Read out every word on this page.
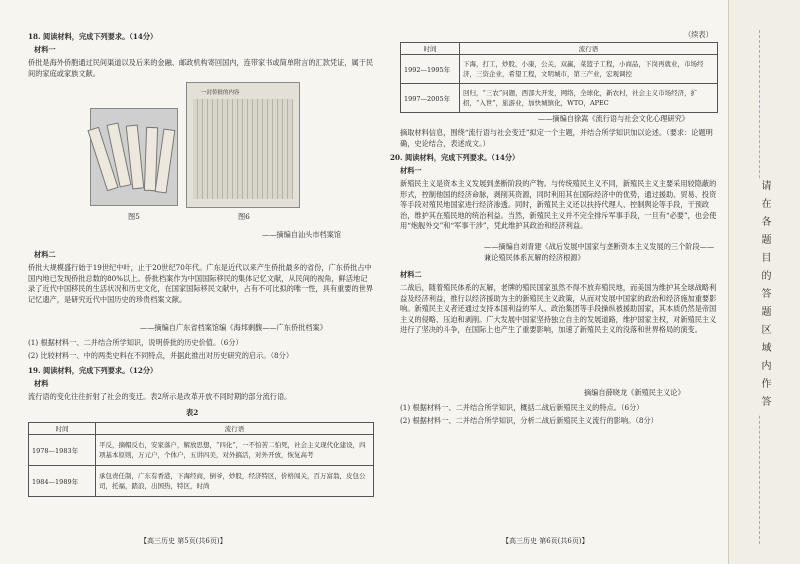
18. 阅读材料，完成下列要求。（14分）
材料一
侨批是海外侨胞通过民间渠道以及后来的金融、邮政机构寄回国内，连带家书或简单附言的汇款凭证，属于民间的家庭或家族文献。
图5
一封侨批的内容
图6
——摘编自汕头市档案馆
材料二
侨批大规模盛行始于19世纪中叶，止于20世纪70年代。广东是近代以来产生侨批最多的省份，广东侨批占中国内地已发现侨批总数的80%以上。侨批档案作为中国国际移民的集体记忆文献，从民间的视角，鲜活地记录了近代中国移民的生活状况和历史文化，在国家国际移民文献中，占有不可比拟的唯一性，具有重要的世界记忆遗产，是研究近代中国历史的珍贵档案文献。
——摘编自广东省档案馆编《海邦剩馥——广东侨批档案》
(1) 根据材料一、二并结合所学知识，说明侨批的历史价值。（6分）
(2) 比较材料一、中的两类史料在不同特点，并据此推出对历史研究的启示。（8分）
19. 阅读材料，完成下列要求。（12分）
材料
流行语的变化往往折射了社会的变迁。表2所示是改革开放不同时期的部分流行语。
表2
时间	流行语
1978—1983年	平反，摘帽反右，安家落户，解放思想，“四化”，一不怕苦二怕死，社会主义现代化建设，四项基本原则，万元户，个体户，五讲四美，对外搞活，对外开放，恢复高考
1984—1989年	承包责任制，广东有香港，下海经商，倒爷，炒股，经济特区，价格闯关，百万富翁，皮包公司，托福，踏浪，出国热，特区，时尚
【高三历史 第5页(共6页)】
（续表）
时间	流行语
1992—1995年	下海，打工，炒股，小康，公关，双赢，菜篮子工程，小商品，下岗再就业，市场经济，三资企业，希望工程，文明城市，第三产业，宏观调控
1997—2005年	回归，“三农”问题，西部大开发，网络，全球化，新农村，社会主义市场经济，扩招，“入世”，旅游业，加快城镇化，WTO，APEC
——摘编自徐嵩《流行语与社会文化心理研究》
摘取材料信息，围绕“流行语与社会变迁”拟定一个主题，并结合所学知识加以论述。（要求：论题明确，史论结合，表述成文。）
20. 阅读材料，完成下列要求。（14分）
材料一
新殖民主义是资本主义发展到垄断阶段的产物。与传统殖民主义不同，新殖民主义主要采用较隐蔽的形式，控制他国的经济命脉，剥削其资源，同时利用其在国际经济中的优势，通过援助、贸易、投资等手段对殖民地国家进行经济渗透。同时，新殖民主义还以扶持代理人、控制舆论等手段，干预政治，维护其在殖民地的统治利益。当然，新殖民主义并不完全排斥军事手段，一旦有“必要”，也会使用“炮舰外交”和“军事干涉”，凭此维护其政治和经济利益。
——摘编自刘青建《战后发展中国家与垄断资本主义发展的三个阶段——兼论殖民体系瓦解的经济根源》
材料二
二战后，随着殖民体系的瓦解，老牌的殖民国家虽然不得不放弃殖民地，而美国为维护其全球战略利益及经济利益，推行以经济援助为主的新殖民主义政策，从而对发展中国家的政治和经济施加重要影响。新殖民主义者还通过支持本国利益的军人、政治集团等手段操纵被援助国家，其本质仍然是帝国主义的侵略、压迫和剥削。广大发展中国家坚持独立自主的发展道路，维护国家主权，对新殖民主义进行了坚决的斗争，在国际上也产生了重要影响，加速了新殖民主义的没落和世界格局的演变。
摘编自薛晓龙《新殖民主义论》
(1) 根据材料一、二并结合所学知识，概括二战后新殖民主义的特点。（6分）
(2) 根据材料一、二并结合所学知识，分析二战后新殖民主义流行的影响。（8分）
【高三历史 第6页(共6页)】
请在各题目的答题区域内作答
